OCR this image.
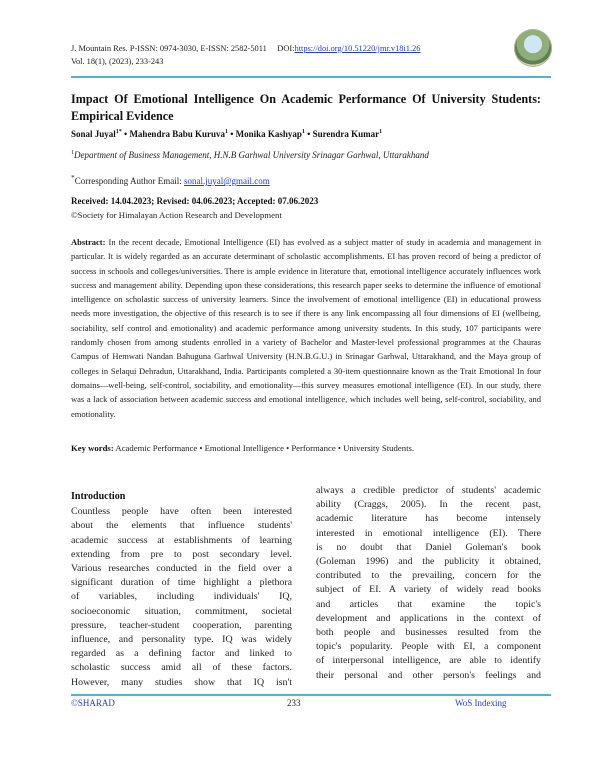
J. Mountain Res. P-ISSN: 0974-3030, E-ISSN: 2582-5011 DOI:https://doi.org/10.51220/jmr.v18i1.26
Vol. 18(1), (2023), 233-243
Impact Of Emotional Intelligence On Academic Performance Of University Students: Empirical Evidence
Sonal Juyal$^{1*}$ • Mahendra Babu Kuruva$^1$ • Monika Kashyap$^1$ • Surendra Kumar$^1$
$^1$Department of Business Management, H.N.B Garhwal University Srinagar Garhwal, Uttarakhand
*Corresponding Author Email: sonal.juyal@gmail.com
Received: 14.04.2023; Revised: 04.06.2023; Accepted: 07.06.2023
©Society for Himalayan Action Research and Development
Abstract: In the recent decade, Emotional Intelligence (EI) has evolved as a subject matter of study in academia and management in particular. It is widely regarded as an accurate determinant of scholastic accomplishments. EI has proven record of being a predictor of success in schools and colleges/universities. There is ample evidence in literature that, emotional intelligence accurately influences work success and management ability. Depending upon these considerations, this research paper seeks to determine the influence of emotional intelligence on scholastic success of university learners. Since the involvement of emotional intelligence (EI) in educational prowess needs more investigation, the objective of this research is to see if there is any link encompassing all four dimensions of EI (wellbeing, sociability, self control and emotionality) and academic performance among university students. In this study, 107 participants were randomly chosen from among students enrolled in a variety of Bachelor and Master-level professional programmes at the Chauras Campus of Hemwati Nandan Bahuguna Garhwal University (H.N.B.G.U.) in Srinagar Garhwal, Uttarakhand, and the Maya group of colleges in Selaqui Dehradun, Uttarakhand, India. Participants completed a 30-item questionnaire known as the Trait Emotional In four domains—well-being, self-control, sociability, and emotionality—this survey measures emotional intelligence (EI). In our study, there was a lack of association between academic success and emotional intelligence, which includes well being, self-control, sociability, and emotionality.
Key words: Academic Performance • Emotional Intelligence • Performance • University Students.
Introduction
Countless people have often been interested
about the elements that influence students'
academic success at establishments of learning
extending from pre to post secondary level.
Various researches conducted in the field over a
significant duration of time highlight a plethora
of variables, including individuals' IQ,
socioeconomic situation, commitment, societal
pressure, teacher-student cooperation, parenting
influence, and personality type. IQ was widely
regarded as a defining factor and linked to
scholastic success amid all of these factors.
However, many studies show that IQ isn't
always a credible predictor of students' academic
ability (Craggs, 2005). In the recent past,
academic literature has become intensely
interested in emotional intelligence (EI). There
is no doubt that Daniel Goleman's book
(Goleman 1996) and the publicity it obtained,
contributed to the prevailing, concern for the
subject of EI. A variety of widely read books
and articles that examine the topic's
development and applications in the context of
both people and businesses resulted from the
topic's popularity. People with EI, a component
of interpersonal intelligence, are able to identify
their personal and other person's feelings and
©SHARAD	233	WoS Indexing
